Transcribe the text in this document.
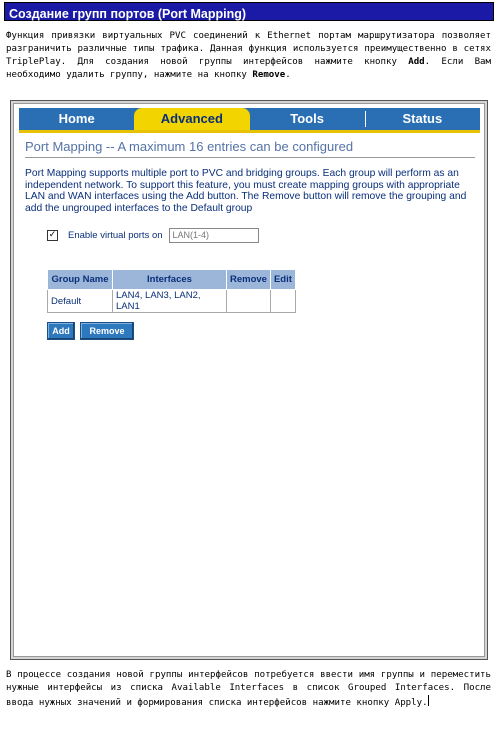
Создание групп портов (Port Mapping)
Функция привязки виртуальных PVC соединений к Ethernet портам маршрутизатора позволяет разграничить различные типы трафика. Данная функция используется преимущественно в сетях TriplePlay. Для создания новой группы интерфейсов нажмите кнопку Add. Если Вам необходимо удалить группу, нажмите на кнопку Remove.
Home	Advanced	Tools	Status
Port Mapping -- A maximum 16 entries can be configured
Port Mapping supports multiple port to PVC and bridging groups. Each group will perform as an independent network. To support this feature, you must create mapping groups with appropriate LAN and WAN interfaces using the Add button. The Remove button will remove the grouping and add the ungrouped interfaces to the Default group
✓ Enable virtual ports on	LAN(1-4)
Group Name	Interfaces	Remove	Edit
Default	LAN4, LAN3, LAN2, LAN1		
Add	Remove
В процессе создания новой группы интерфейсов потребуется ввести имя группы и переместить нужные интерфейсы из списка Available Interfaces в список Grouped Interfaces. После ввода нужных значений и формирования списка интерфейсов нажмите кнопку Apply.
